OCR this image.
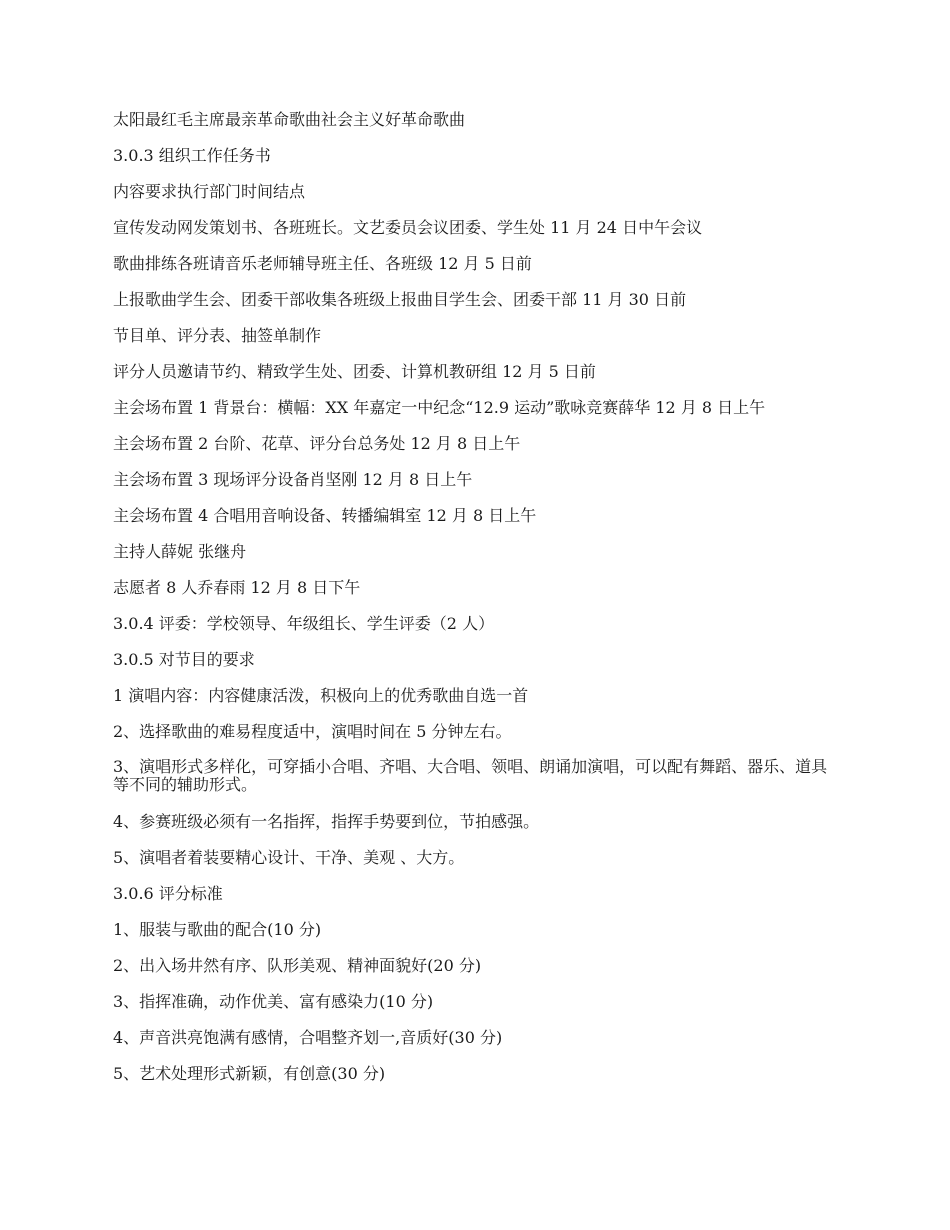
太阳最红毛主席最亲革命歌曲社会主义好革命歌曲

3.0.3 组织工作任务书

内容要求执行部门时间结点

宣传发动网发策划书、各班班长。文艺委员会议团委、学生处 11 月 24 日中午会议

歌曲排练各班请音乐老师辅导班主任、各班级 12 月 5 日前

上报歌曲学生会、团委干部收集各班级上报曲目学生会、团委干部 11 月 30 日前

节目单、评分表、抽签单制作

评分人员邀请节约、精致学生处、团委、计算机教研组 12 月 5 日前

主会场布置 1 背景台：横幅：XX 年嘉定一中纪念“12.9 运动”歌咏竞赛薛华 12 月 8 日上午

主会场布置 2 台阶、花草、评分台总务处 12 月 8 日上午

主会场布置 3 现场评分设备肖坚刚 12 月 8 日上午

主会场布置 4 合唱用音响设备、转播编辑室 12 月 8 日上午

主持人薛妮 张继舟

志愿者 8 人乔春雨 12 月 8 日下午

3.0.4 评委：学校领导、年级组长、学生评委（2 人）

3.0.5 对节目的要求

1 演唱内容：内容健康活泼，积极向上的优秀歌曲自选一首

2、选择歌曲的难易程度适中，演唱时间在 5 分钟左右。

3、演唱形式多样化，可穿插小合唱、齐唱、大合唱、领唱、朗诵加演唱，可以配有舞蹈、器乐、道具等不同的辅助形式。

4、参赛班级必须有一名指挥，指挥手势要到位，节拍感强。

5、演唱者着装要精心设计、干净、美观 、大方。

3.0.6 评分标准

1、服装与歌曲的配合(10 分)

2、出入场井然有序、队形美观、精神面貌好(20 分)

3、指挥准确，动作优美、富有感染力(10 分)

4、声音洪亮饱满有感情，合唱整齐划一,音质好(30 分)

5、艺术处理形式新颖，有创意(30 分)
